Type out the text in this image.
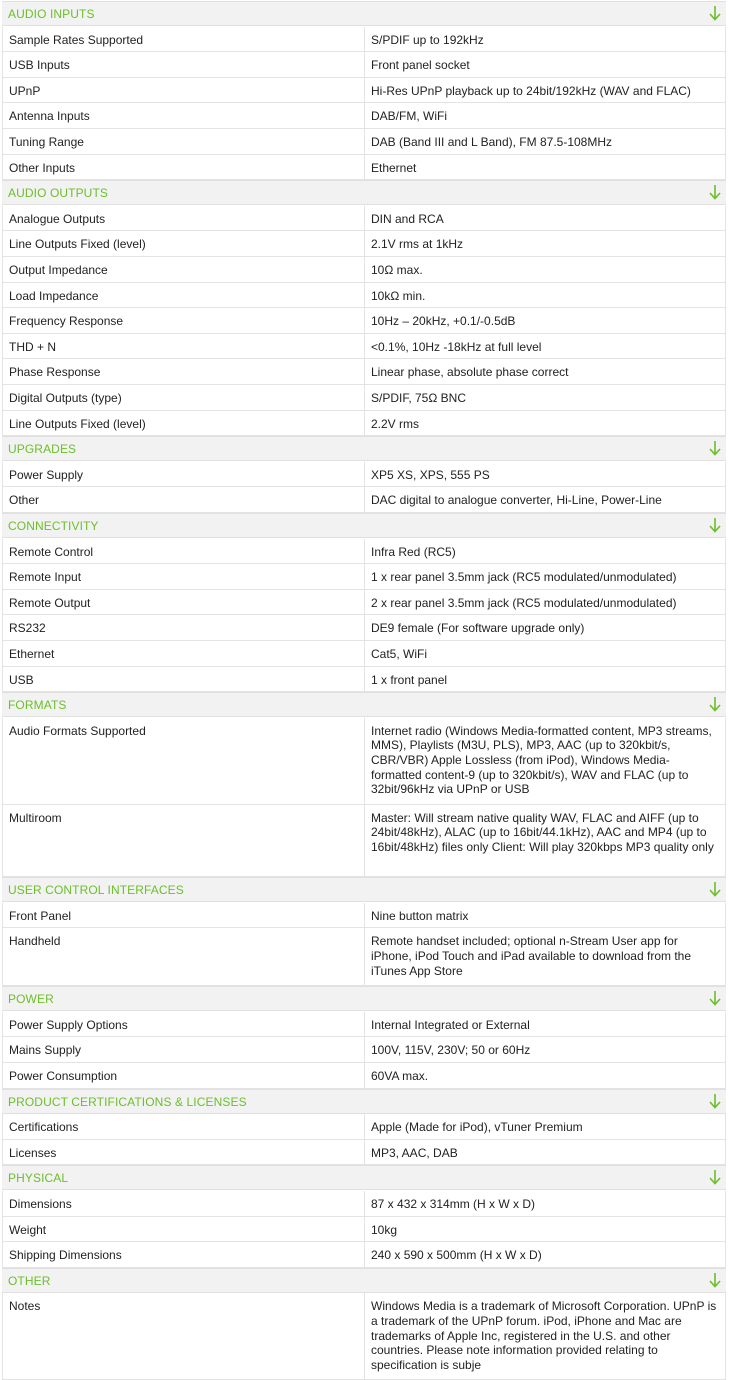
AUDIO INPUTS
Sample Rates Supported	S/PDIF up to 192kHz
USB Inputs	Front panel socket
UPnP	Hi-Res UPnP playback up to 24bit/192kHz (WAV and FLAC)
Antenna Inputs	DAB/FM, WiFi
Tuning Range	DAB (Band III and L Band), FM 87.5-108MHz
Other Inputs	Ethernet
AUDIO OUTPUTS
Analogue Outputs	DIN and RCA
Line Outputs Fixed (level)	2.1V rms at 1kHz
Output Impedance	10Ω max.
Load Impedance	10kΩ min.
Frequency Response	10Hz – 20kHz, +0.1/-0.5dB
THD + N	<0.1%, 10Hz -18kHz at full level
Phase Response	Linear phase, absolute phase correct
Digital Outputs (type)	S/PDIF, 75Ω BNC
Line Outputs Fixed (level)	2.2V rms
UPGRADES
Power Supply	XP5 XS, XPS, 555 PS
Other	DAC digital to analogue converter, Hi-Line, Power-Line
CONNECTIVITY
Remote Control	Infra Red (RC5)
Remote Input	1 x rear panel 3.5mm jack (RC5 modulated/unmodulated)
Remote Output	2 x rear panel 3.5mm jack (RC5 modulated/unmodulated)
RS232	DE9 female (For software upgrade only)
Ethernet	Cat5, WiFi
USB	1 x front panel
FORMATS
Audio Formats Supported	Internet radio (Windows Media-formatted content, MP3 streams, MMS), Playlists (M3U, PLS), MP3, AAC (up to 320kbit/s, CBR/VBR) Apple Lossless (from iPod), Windows Media-formatted content-9 (up to 320kbit/s), WAV and FLAC (up to 32bit/96kHz via UPnP or USB
Multiroom	Master: Will stream native quality WAV, FLAC and AIFF (up to 24bit/48kHz), ALAC (up to 16bit/44.1kHz), AAC and MP4 (up to 16bit/48kHz) files only Client: Will play 320kbps MP3 quality only
USER CONTROL INTERFACES
Front Panel	Nine button matrix
Handheld	Remote handset included; optional n-Stream User app for iPhone, iPod Touch and iPad available to download from the iTunes App Store
POWER
Power Supply Options	Internal Integrated or External
Mains Supply	100V, 115V, 230V; 50 or 60Hz
Power Consumption	60VA max.
PRODUCT CERTIFICATIONS & LICENSES
Certifications	Apple (Made for iPod), vTuner Premium
Licenses	MP3, AAC, DAB
PHYSICAL
Dimensions	87 x 432 x 314mm (H x W x D)
Weight	10kg
Shipping Dimensions	240 x 590 x 500mm (H x W x D)
OTHER
Notes	Windows Media is a trademark of Microsoft Corporation. UPnP is a trademark of the UPnP forum. iPod, iPhone and Mac are trademarks of Apple Inc, registered in the U.S. and other countries. Please note information provided relating to specification is subje
